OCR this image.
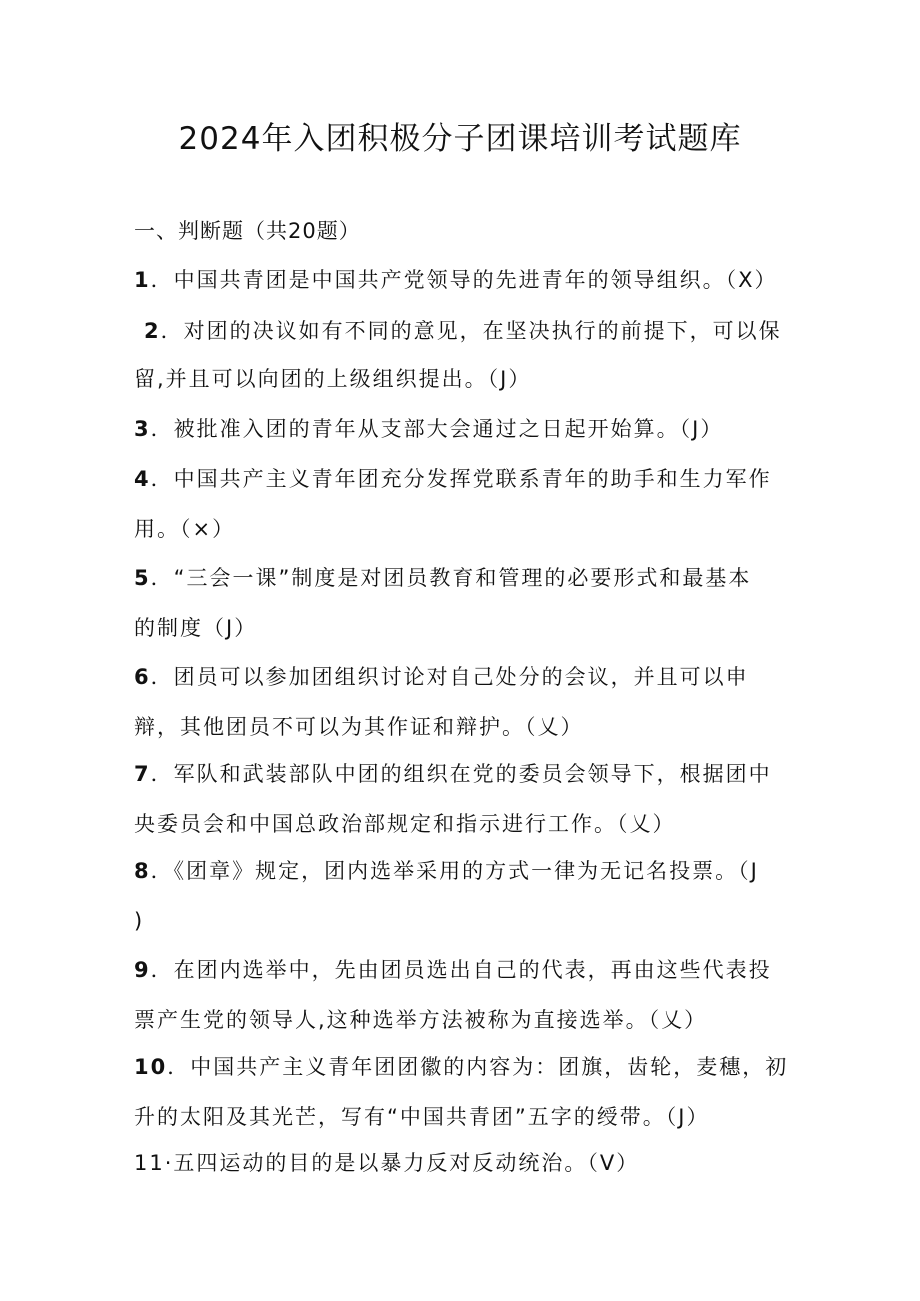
2024年入团积极分子团课培训考试题库

一、判断题（共20题）

1．中国共青团是中国共产党领导的先进青年的领导组织。（X）
2．对团的决议如有不同的意见，在坚决执行的前提下，可以保
留,并且可以向团的上级组织提出。（J）
3．被批准入团的青年从支部大会通过之日起开始算。（J）
4．中国共产主义青年团充分发挥党联系青年的助手和生力军作
用。（×）
5．“三会一课”制度是对团员教育和管理的必要形式和最基本
的制度（J）
6．团员可以参加团组织讨论对自己处分的会议，并且可以申
辩，其他团员不可以为其作证和辩护。（乂）
7．军队和武装部队中团的组织在党的委员会领导下，根据团中
央委员会和中国总政治部规定和指示进行工作。（乂）
8．《团章》规定，团内选举采用的方式一律为无记名投票。（J
)
9．在团内选举中，先由团员选出自己的代表，再由这些代表投
票产生党的领导人,这种选举方法被称为直接选举。（乂）
10．中国共产主义青年团团徽的内容为：团旗，齿轮，麦穗，初
升的太阳及其光芒，写有“中国共青团”五字的绶带。（J）
11·五四运动的目的是以暴力反对反动统治。（V）
